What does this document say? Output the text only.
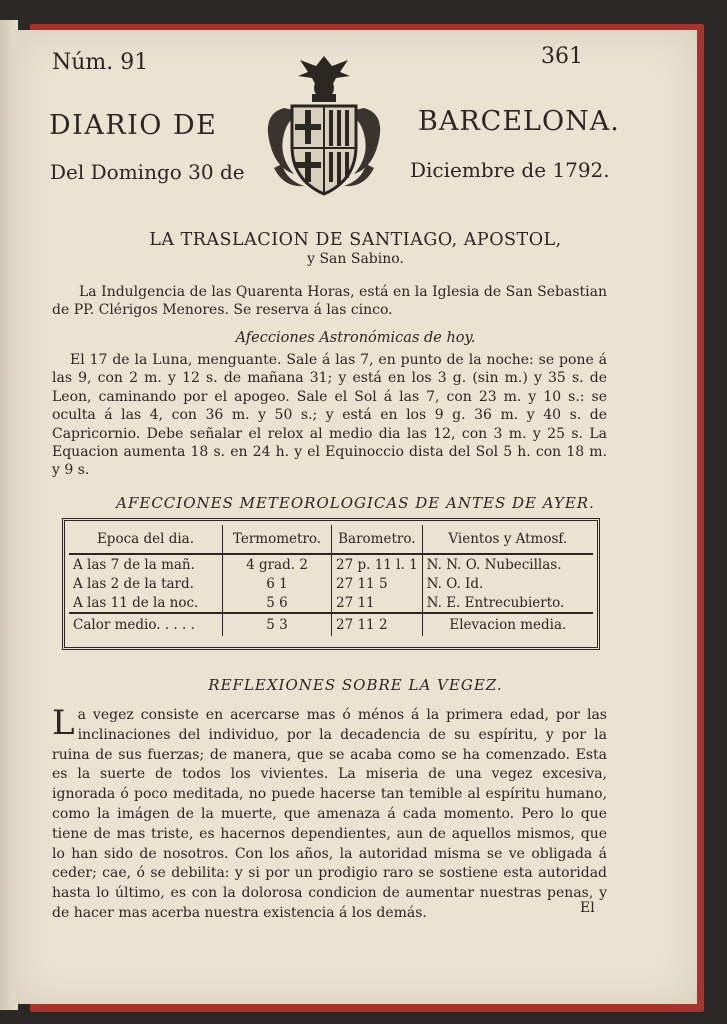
Núm. 91	361
DIARIO DE	BARCELONA.
Del Domingo 30 de	Diciembre de 1792.
LA TRASLACION DE SANTIAGO, APOSTOL,
y San Sabino.
La Indulgencia de las Quarenta Horas, está en la Iglesia de San Sebastian de PP. Clérigos Menores. Se reserva á las cinco.
Afecciones Astronómicas de hoy.
El 17 de la Luna, menguante. Sale á las 7, en punto de la noche: se pone á las 9, con 2 m. y 12 s. de mañana 31; y está en los 3 g. (sin m.) y 35 s. de Leon, caminando por el apogeo. Sale el Sol á las 7, con 23 m. y 10 s.: se oculta á las 4, con 36 m. y 50 s.; y está en los 9 g. 36 m. y 40 s. de Capricornio. Debe señalar el relox al medio dia las 12, con 3 m. y 25 s. La Equacion aumenta 18 s. en 24 h. y el Equinoccio dista del Sol 5 h. con 18 m. y 9 s.
AFECCIONES METEOROLOGICAS DE ANTES DE AYER.
Epoca del dia.	Termometro.	Barometro.	Vientos y Atmosf.
A las 7 de la mañ.	4 grad. 2	27 p. 11 l. 1	N. N. O. Nubecillas.
A las 2 de la tard.	6 1	27 11 5	N. O. Id.
A las 11 de la noc.	5 6	27 11	N. E. Entrecubierto.
Calor medio. . . . .	5 3	27 11 2	Elevacion media.
REFLEXIONES SOBRE LA VEGEZ.
La vegez consiste en acercarse mas ó ménos á la primera edad, por las inclinaciones del individuo, por la decadencia de su espíritu, y por la ruina de sus fuerzas; de manera, que se acaba como se ha comenzado. Esta es la suerte de todos los vivientes. La miseria de una vegez excesiva, ignorada ó poco meditada, no puede hacerse tan temible al espíritu humano, como la imágen de la muerte, que amenaza á cada momento. Pero lo que tiene de mas triste, es hacernos dependientes, aun de aquellos mismos, que lo han sido de nosotros. Con los años, la autoridad misma se ve obligada á ceder; cae, ó se debilita: y si por un prodigio raro se sostiene esta autoridad hasta lo último, es con la dolorosa condicion de aumentar nuestras penas, y de hacer mas acerba nuestra existencia á los demás.	El
